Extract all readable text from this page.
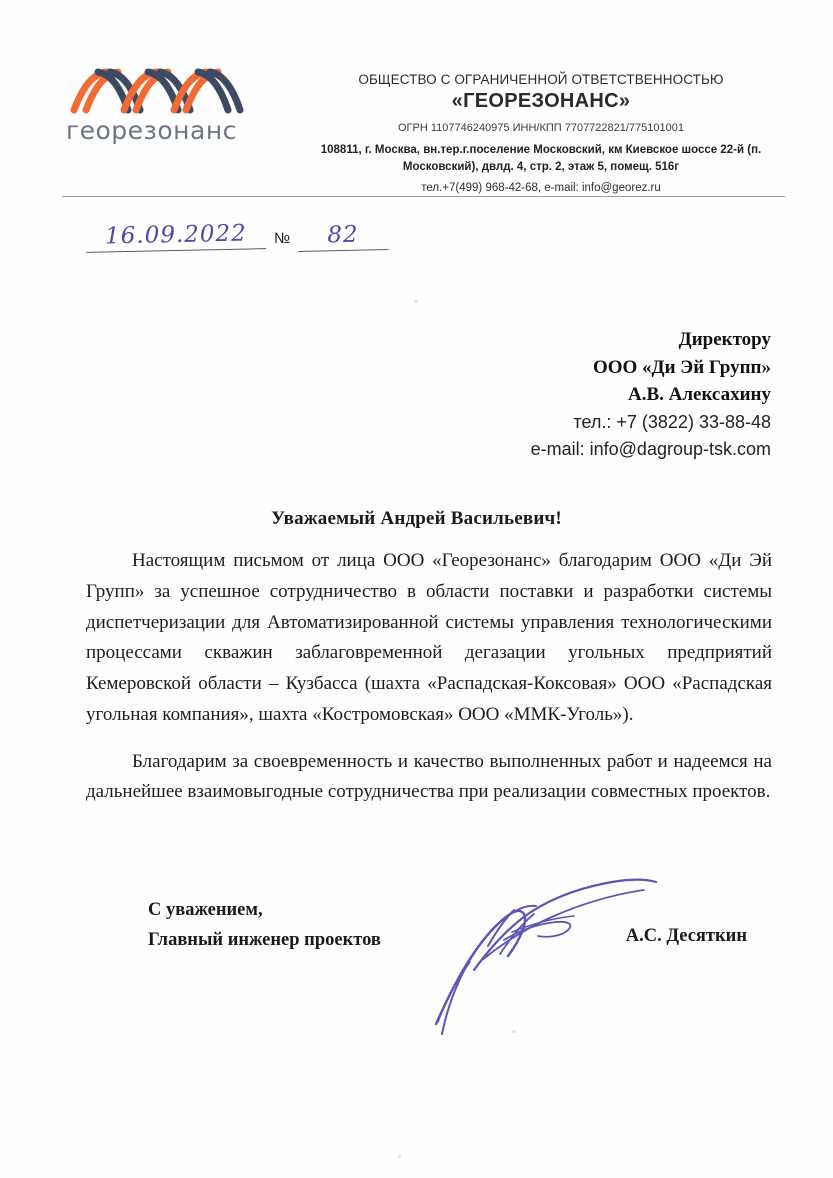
георезонанс
ОБЩЕСТВО С ОГРАНИЧЕННОЙ ОТВЕТСТВЕННОСТЬЮ
«ГЕОРЕЗОНАНС»
ОГРН 1107746240975 ИНН/КПП 7707722821/775101001
108811, г. Москва, вн.тер.г.поселение Московский, км Киевское шоссе 22-й (п. Московский), двлд. 4, стр. 2, этаж 5, помещ. 516г
тел.+7(499) 968-42-68, e-mail: info@georez.ru
16.09.2022	№	82
Директору
ООО «Ди Эй Групп»
А.В. Алексахину
тел.: +7 (3822) 33-88-48
e-mail: info@dagroup-tsk.com
Уважаемый Андрей Васильевич!

Настоящим письмом от лица ООО «Георезонанс» благодарим ООО «Ди Эй Групп» за успешное сотрудничество в области поставки и разработки системы диспетчеризации для Автоматизированной системы управления технологическими процессами скважин заблаговременной дегазации угольных предприятий Кемеровской области – Кузбасса (шахта «Распадская-Коксовая» ООО «Распадская угольная компания», шахта «Костромовская» ООО «ММК-Уголь»).

Благодарим за своевременность и качество выполненных работ и надеемся на дальнейшее взаимовыгодные сотрудничества при реализации совместных проектов.

С уважением,
Главный инженер проектов	А.С. Десяткин
